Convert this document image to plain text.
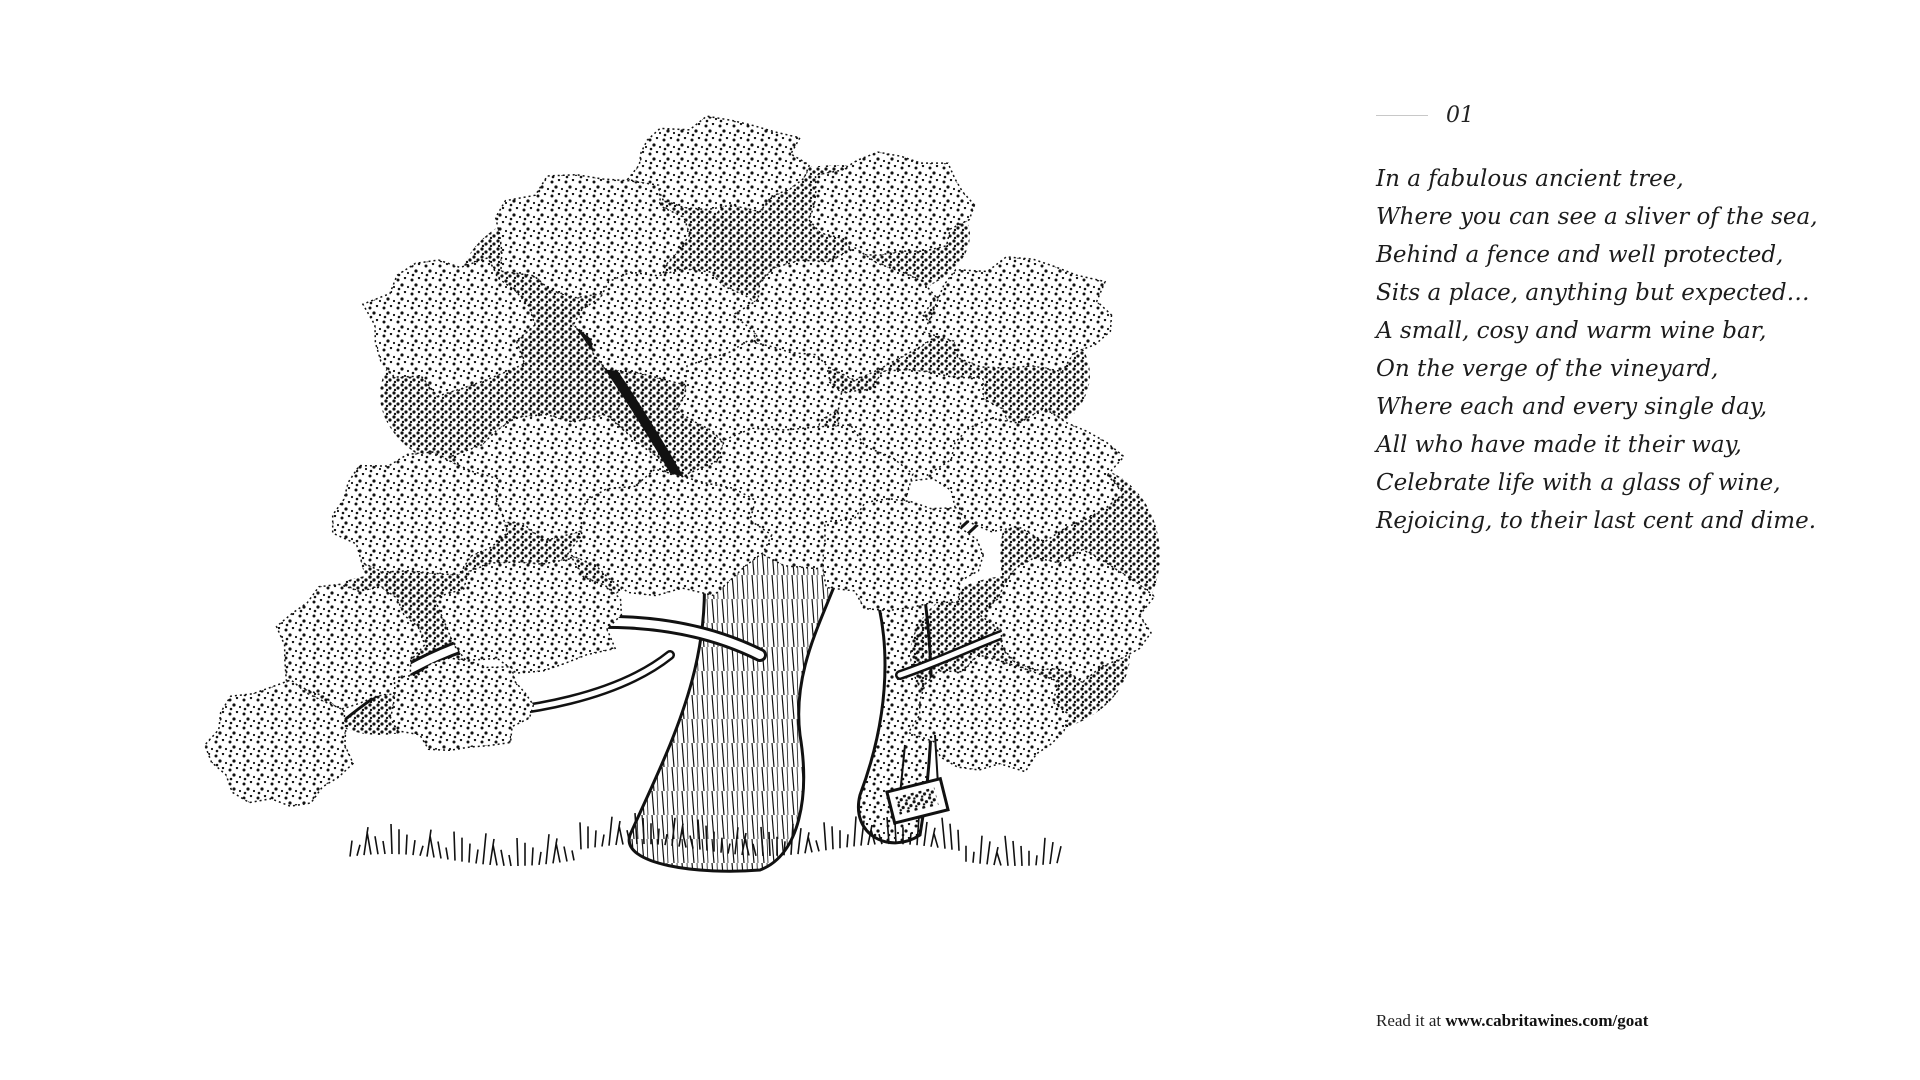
01
In a fabulous ancient tree,
Where you can see a sliver of the sea,
Behind a fence and well protected,
Sits a place, anything but expected…
A small, cosy and warm wine bar,
On the verge of the vineyard,
Where each and every single day,
All who have made it their way,
Celebrate life with a glass of wine,
Rejoicing, to their last cent and dime.
Read it at www.cabritawines.com/goat
